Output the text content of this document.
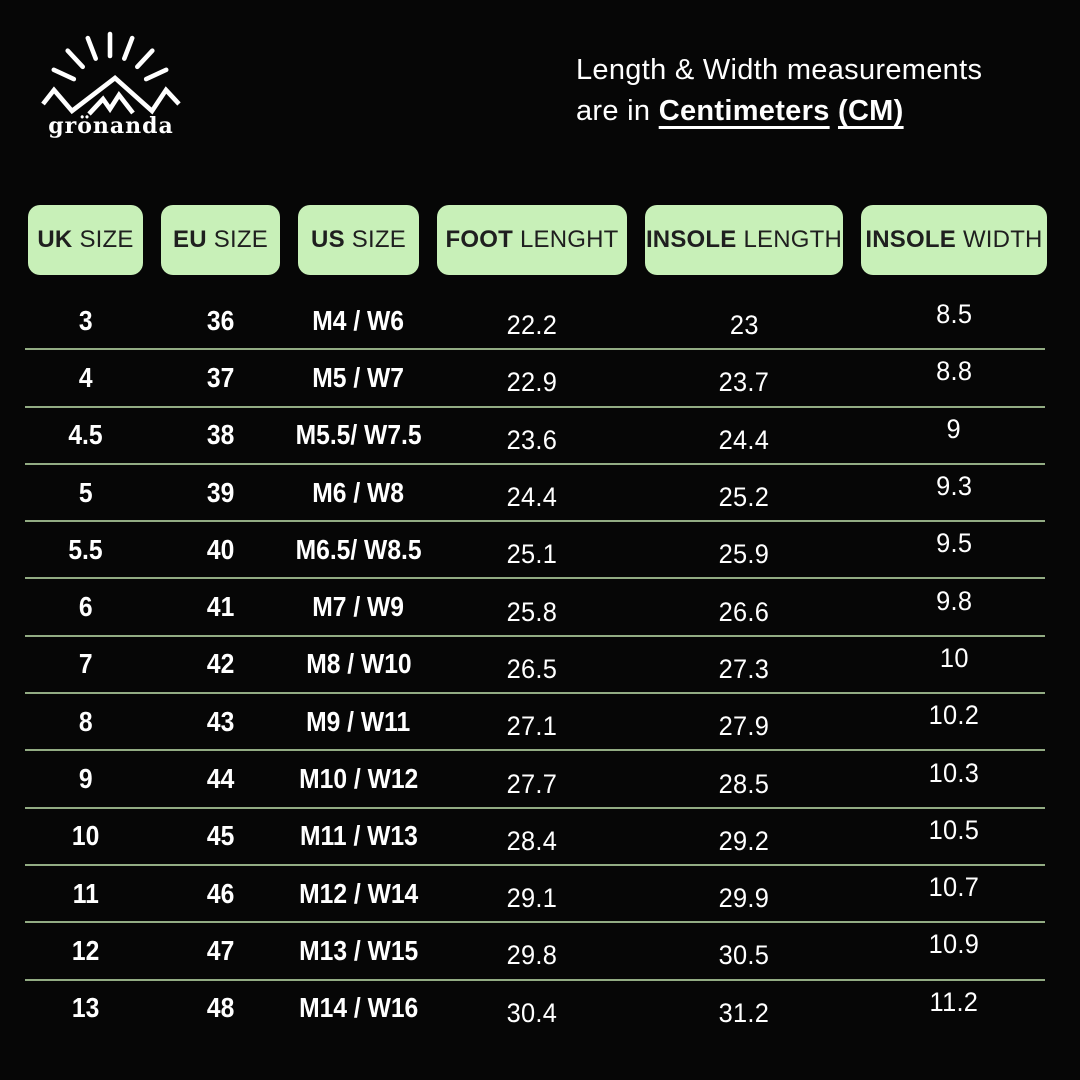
grönanda
Length & Width measurements
are in Centimeters (CM)
UK SIZE EU SIZE US SIZE FOOT LENGHT INSOLE LENGTH INSOLE WIDTH
3	36	M4 / W6	22.2	23	8.5
4	37	M5 / W7	22.9	23.7	8.8
4.5	38 M5.5/ W7.5	23.6	24.4	9
5	39	M6 / W8	24.4	25.2	9.3
5.5	40 M6.5/ W8.5	25.1	25.9	9.5
6	41	M7 / W9	25.8	26.6	9.8
7	42	M8 / W10	26.5	27.3	10
8	43	M9 / W11	27.1	27.9	10.2
9	44 M10 / W12	27.7	28.5	10.3
10	45 M11 / W13	28.4	29.2	10.5
11	46 M12 / W14	29.1	29.9	10.7
12	47 M13 / W15	29.8	30.5	10.9
13	48 M14 / W16	30.4	31.2	11.2
